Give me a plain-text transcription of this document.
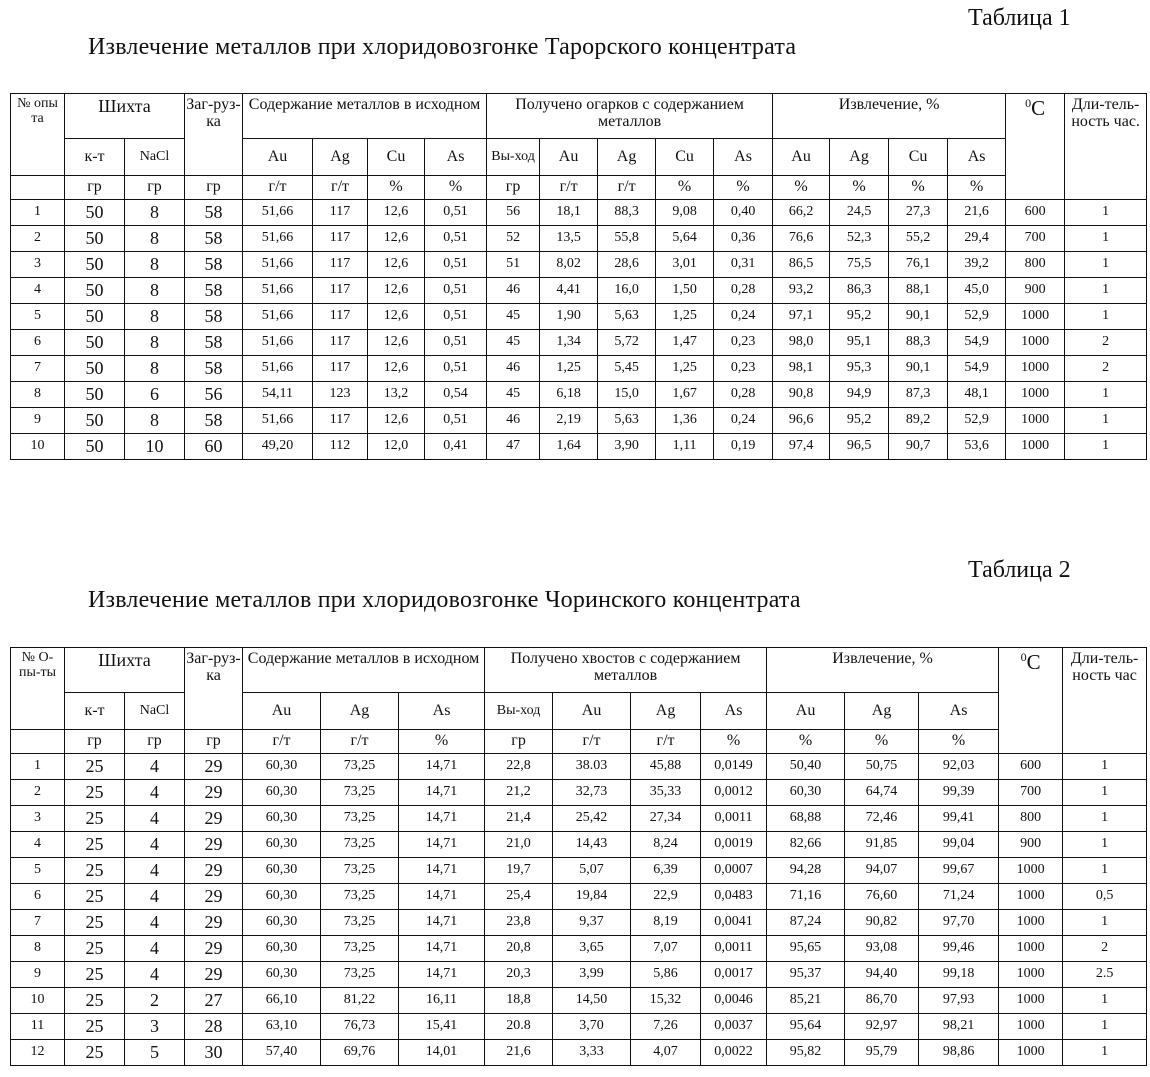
Таблица 1
Извлечение металлов при хлоридовозгонке Тарорского концентрата
№ опы та	Шихта		Заг-руз-ка	Содержание металлов в исходном				Получено огарков с содержанием металлов					Извлечение, %				$^0$C	Дли-тель-ность час.
	к-т	NaCl		Au	Ag	Cu	As	Вы-ход	Au	Ag	Cu	As	Au	Ag	Cu	As		
	гр	гр	гр	г/т	г/т	%	%	гр	г/т	г/т	%	%	%	%	%	%		
1	50	8	58	51,66	117	12,6	0,51	56	18,1	88,3	9,08	0,40	66,2	24,5	27,3	21,6	600	1
2	50	8	58	51,66	117	12,6	0,51	52	13,5	55,8	5,64	0,36	76,6	52,3	55,2	29,4	700	1
3	50	8	58	51,66	117	12,6	0,51	51	8,02	28,6	3,01	0,31	86,5	75,5	76,1	39,2	800	1
4	50	8	58	51,66	117	12,6	0,51	46	4,41	16,0	1,50	0,28	93,2	86,3	88,1	45,0	900	1
5	50	8	58	51,66	117	12,6	0,51	45	1,90	5,63	1,25	0,24	97,1	95,2	90,1	52,9	1000	1
6	50	8	58	51,66	117	12,6	0,51	45	1,34	5,72	1,47	0,23	98,0	95,1	88,3	54,9	1000	2
7	50	8	58	51,66	117	12,6	0,51	46	1,25	5,45	1,25	0,23	98,1	95,3	90,1	54,9	1000	2
8	50	6	56	54,11	123	13,2	0,54	45	6,18	15,0	1,67	0,28	90,8	94,9	87,3	48,1	1000	1
9	50	8	58	51,66	117	12,6	0,51	46	2,19	5,63	1,36	0,24	96,6	95,2	89,2	52,9	1000	1
10	50	10	60	49,20	112	12,0	0,41	47	1,64	3,90	1,11	0,19	97,4	96,5	90,7	53,6	1000	1
Таблица 2
Извлечение металлов при хлоридовозгонке Чоринского концентрата
№ О-пы-ты	Шихта		Заг-руз-ка	Содержание металлов в исходном			Получено хвостов с содержанием металлов				Извлечение, %			$^0$C	Дли-тель-ность час
	к-т	NaCl		Au	Ag	As	Вы-ход	Au	Ag	As	Au	Ag	As		
	гр	гр	гр	г/т	г/т	%	гр	г/т	г/т	%	%	%	%		
1	25	4	29	60,30	73,25	14,71	22,8	38.03	45,88	0,0149	50,40	50,75	92,03	600	1
2	25	4	29	60,30	73,25	14,71	21,2	32,73	35,33	0,0012	60,30	64,74	99,39	700	1
3	25	4	29	60,30	73,25	14,71	21,4	25,42	27,34	0,0011	68,88	72,46	99,41	800	1
4	25	4	29	60,30	73,25	14,71	21,0	14,43	8,24	0,0019	82,66	91,85	99,04	900	1
5	25	4	29	60,30	73,25	14,71	19,7	5,07	6,39	0,0007	94,28	94,07	99,67	1000	1
6	25	4	29	60,30	73,25	14,71	25,4	19,84	22,9	0,0483	71,16	76,60	71,24	1000	0,5
7	25	4	29	60,30	73,25	14,71	23,8	9,37	8,19	0,0041	87,24	90,82	97,70	1000	1
8	25	4	29	60,30	73,25	14,71	20,8	3,65	7,07	0,0011	95,65	93,08	99,46	1000	2
9	25	4	29	60,30	73,25	14,71	20,3	3,99	5,86	0,0017	95,37	94,40	99,18	1000	2.5
10	25	2	27	66,10	81,22	16,11	18,8	14,50	15,32	0,0046	85,21	86,70	97,93	1000	1
11	25	3	28	63,10	76,73	15,41	20.8	3,70	7,26	0,0037	95,64	92,97	98,21	1000	1
12	25	5	30	57,40	69,76	14,01	21,6	3,33	4,07	0,0022	95,82	95,79	98,86	1000	1
